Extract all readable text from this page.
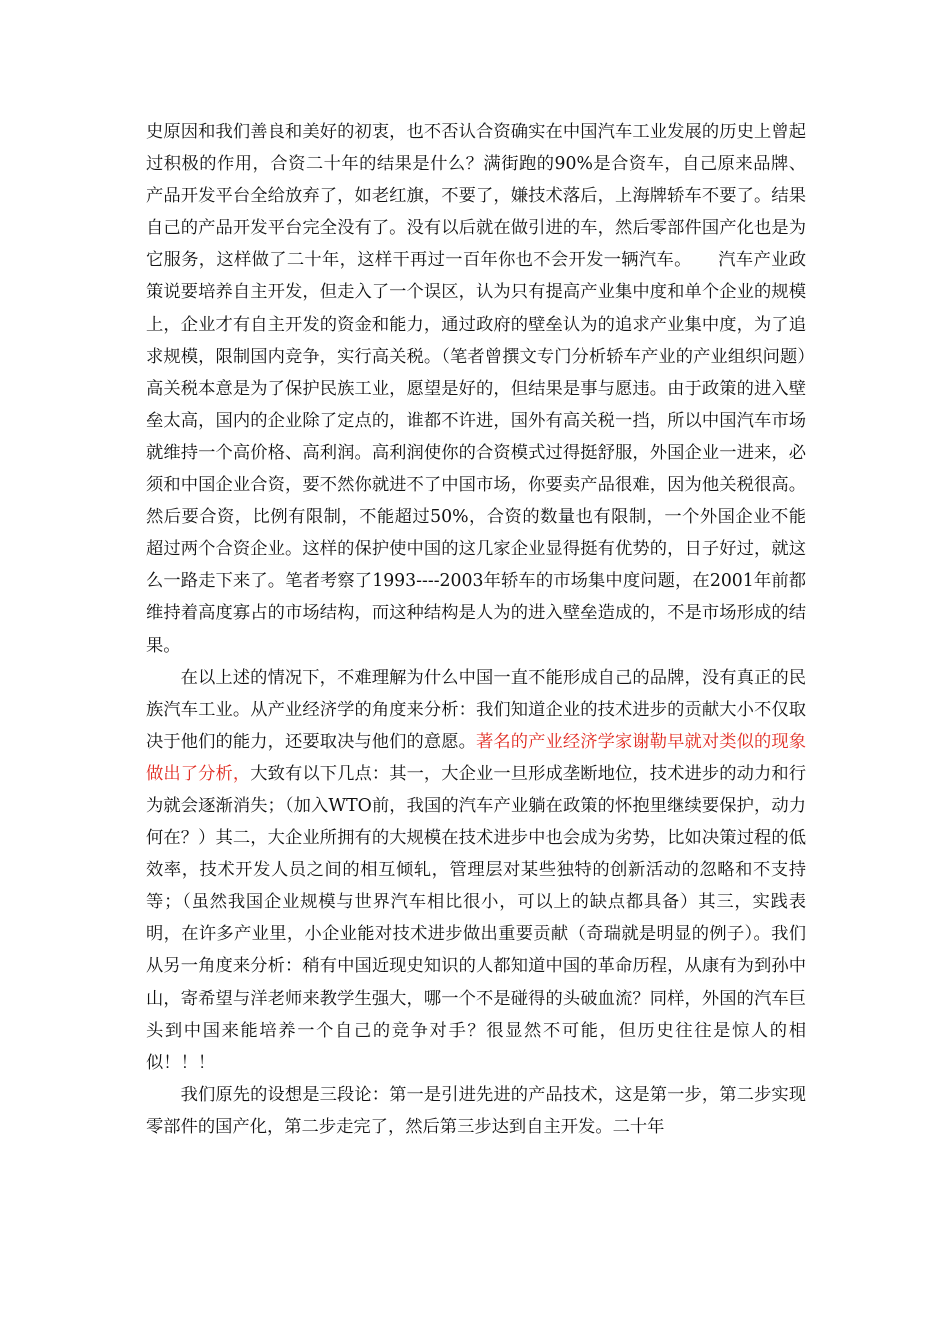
史原因和我们善良和美好的初衷，也不否认合资确实在中国汽车工业发展的历史上曾起过积极的作用，合资二十年的结果是什么？满街跑的90%是合资车，自己原来品牌、产品开发平台全给放弃了，如老红旗，不要了，嫌技术落后，上海牌轿车不要了。结果自己的产品开发平台完全没有了。没有以后就在做引进的车，然后零部件国产化也是为它服务，这样做了二十年，这样干再过一百年你也不会开发一辆汽车。　　 汽车产业政策说要培养自主开发，但走入了一个误区，认为只有提高产业集中度和单个企业的规模上，企业才有自主开发的资金和能力，通过政府的壁垒认为的追求产业集中度，为了追求规模，限制国内竞争，实行高关税。（笔者曾撰文专门分析轿车产业的产业组织问题）高关税本意是为了保护民族工业，愿望是好的，但结果是事与愿违。由于政策的进入壁垒太高，国内的企业除了定点的，谁都不许进，国外有高关税一挡，所以中国汽车市场就维持一个高价格、高利润。高利润使你的合资模式过得挺舒服，外国企业一进来，必须和中国企业合资，要不然你就进不了中国市场，你要卖产品很难，因为他关税很高。然后要合资，比例有限制，不能超过50%，合资的数量也有限制，一个外国企业不能超过两个合资企业。这样的保护使中国的这几家企业显得挺有优势的，日子好过，就这么一路走下来了。笔者考察了1993----2003年轿车的市场集中度问题，在2001年前都维持着高度寡占的市场结构，而这种结构是人为的进入壁垒造成的，不是市场形成的结果。

在以上述的情况下，不难理解为什么中国一直不能形成自己的品牌，没有真正的民族汽车工业。从产业经济学的角度来分析：我们知道企业的技术进步的贡献大小不仅取决于他们的能力，还要取决与他们的意愿。著名的产业经济学家谢勒早就对类似的现象做出了分析，大致有以下几点：其一，大企业一旦形成垄断地位，技术进步的动力和行为就会逐渐消失；（加入WTO前，我国的汽车产业躺在政策的怀抱里继续要保护，动力何在？）其二，大企业所拥有的大规模在技术进步中也会成为劣势，比如决策过程的低效率，技术开发人员之间的相互倾轧，管理层对某些独特的创新活动的忽略和不支持等；（虽然我国企业规模与世界汽车相比很小，可以上的缺点都具备）其三，实践表明，在许多产业里，小企业能对技术进步做出重要贡献（奇瑞就是明显的例子）。我们从另一角度来分析：稍有中国近现史知识的人都知道中国的革命历程，从康有为到孙中山，寄希望与洋老师来教学生强大，哪一个不是碰得的头破血流？同样，外国的汽车巨头到中国来能培养一个自己的竞争对手？很显然不可能，但历史往往是惊人的相似！！！

我们原先的设想是三段论：第一是引进先进的产品技术，这是第一步，第二步实现零部件的国产化，第二步走完了，然后第三步达到自主开发。二十年
